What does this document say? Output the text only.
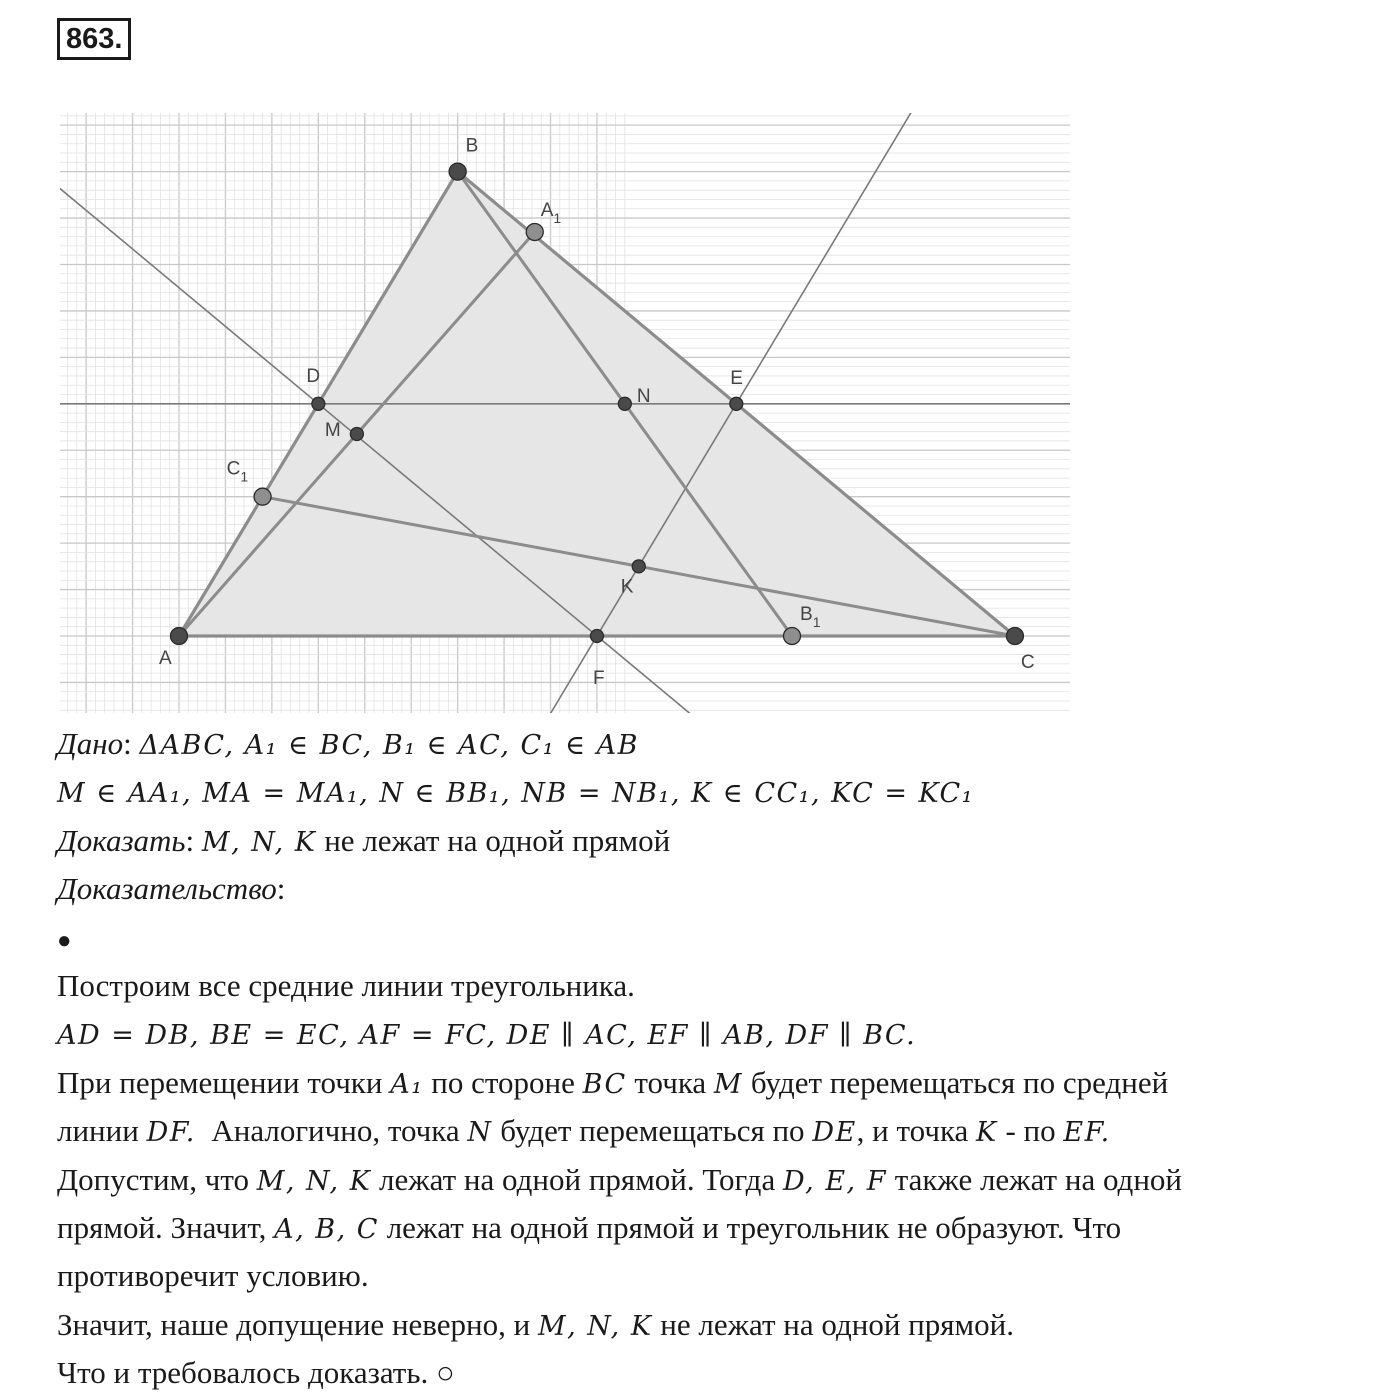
863.
A
B
C
D	E
F
M
N
K
$A_1$
$B_1$
$C_1$
Дано: ΔABC, A₁ ∈ BC, B₁ ∈ AC, C₁ ∈ AB
M ∈ AA₁, MA = MA₁, N ∈ BB₁, NB = NB₁, K ∈ CC₁, KC = KC₁
Доказать: M, N, K не лежат на одной прямой
Доказательство:
●
Построим все средние линии треугольника.
AD = DB, BE = EC, AF = FC, DE ∥ AC, EF ∥ AB, DF ∥ BC.
При перемещении точки A₁ по стороне BC точка M будет перемещаться по средней
линии DF.  Аналогично, точка N будет перемещаться по DE, и точка K - по EF.
Допустим, что M, N, K лежат на одной прямой. Тогда D, E, F также лежат на одной
прямой. Значит, A, B, C лежат на одной прямой и треугольник не образуют. Что
противоречит условию.
Значит, наше допущение неверно, и M, N, K не лежат на одной прямой.
Что и требовалось доказать. ○
